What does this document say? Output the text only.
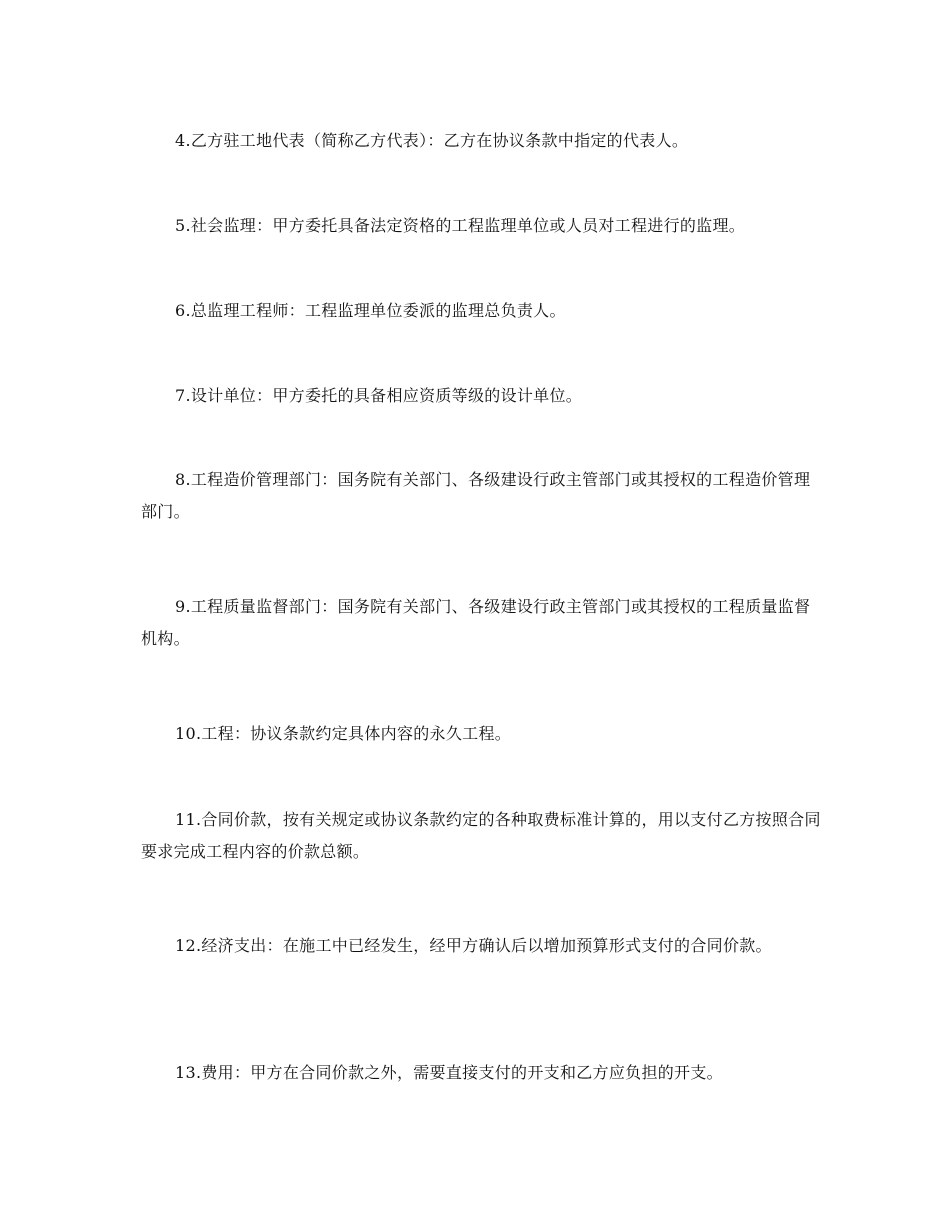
4.乙方驻工地代表（简称乙方代表）：乙方在协议条款中指定的代表人。

5.社会监理：甲方委托具备法定资格的工程监理单位或人员对工程进行的监理。

6.总监理工程师：工程监理单位委派的监理总负责人。

7.设计单位：甲方委托的具备相应资质等级的设计单位。

8.工程造价管理部门：国务院有关部门、各级建设行政主管部门或其授权的工程造价管理部门。

9.工程质量监督部门：国务院有关部门、各级建设行政主管部门或其授权的工程质量监督机构。

10.工程：协议条款约定具体内容的永久工程。

11.合同价款，按有关规定或协议条款约定的各种取费标准计算的，用以支付乙方按照合同要求完成工程内容的价款总额。

12.经济支出：在施工中已经发生，经甲方确认后以增加预算形式支付的合同价款。

13.费用：甲方在合同价款之外，需要直接支付的开支和乙方应负担的开支。
